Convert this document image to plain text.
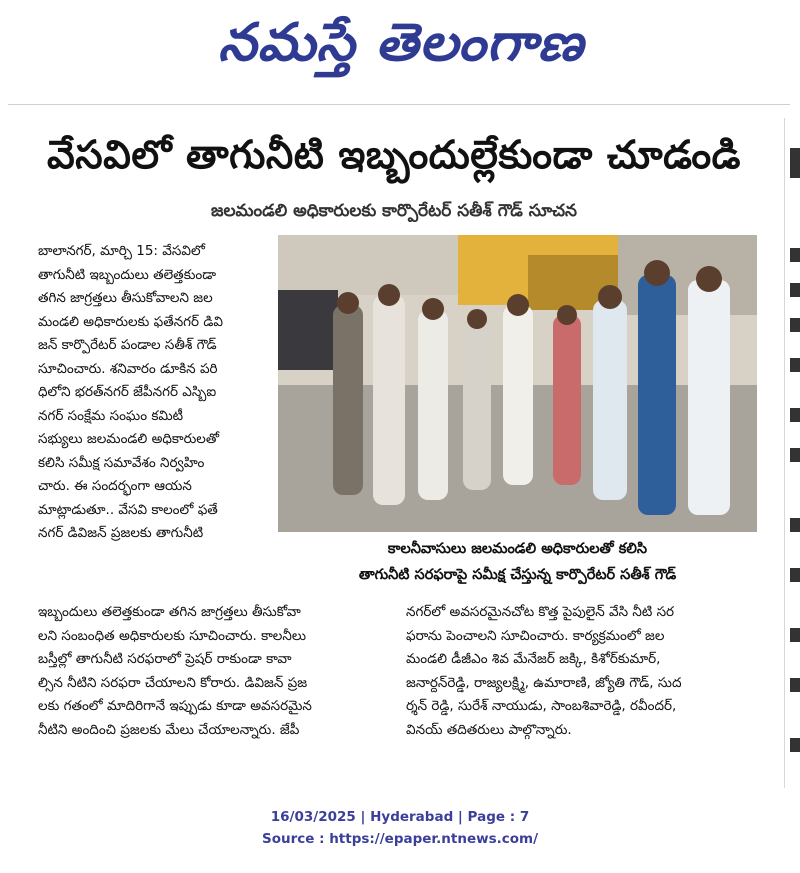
నమస్తే తెలంగాణ
వేసవిలో తాగునీటి ఇబ్బందుల్లేకుండా చూడండి
జలమండలి అధికారులకు కార్పొరేటర్ సతీశ్ గౌడ్ సూచన

బాలానగర్, మార్చి 15: వేసవిలో

తాగునీటి ఇబ్బందులు తలెత్తకుండా

తగిన జాగ్రత్తలు తీసుకోవాలని జల

మండలి అధికారులకు ఫతేనగర్ డివి

జన్ కార్పొరేటర్ పండాల సతీశ్ గౌడ్

సూచించారు. శనివారం డూకిన పరి

ధిలోని భరత్‌నగర్ జేపీనగర్ ఎస్బిఐ

నగర్ సంక్షేమ సంఘం కమిటీ

సభ్యులు జలమండలి అధికారులతో

కలిసి సమీక్ష సమావేశం నిర్వహిం

చారు. ఈ సందర్భంగా ఆయన

మాట్లాడుతూ.. వేసవి కాలంలో ఫతే

నగర్ డివిజన్ ప్రజలకు తాగునీటి

కాలనీవాసులు జలమండలి అధికారులతో కలిసి
తాగునీటి సరఫరాపై సమీక్ష చేస్తున్న కార్పొరేటర్ సతీశ్ గౌడ్

ఇబ్బందులు తలెత్తకుండా తగిన జాగ్రత్తలు తీసుకోవా

లని సంబంధిత అధికారులకు సూచించారు. కాలనీలు

బస్తీల్లో తాగునీటి సరఫరాలో ప్రెషర్ రాకుండా కావా

ల్సిన నీటిని సరఫరా చేయాలని కోరారు. డివిజన్ ప్రజ

లకు గతంలో మాదిరిగానే ఇప్పుడు కూడా అవసరమైన

నీటిని అందించి ప్రజలకు మేలు చేయాలన్నారు. జేపీ

నగర్‌లో అవసరమైనచోట కొత్త పైపులైన్ వేసి నీటి సర

ఫరాను పెంచాలని సూచించారు. కార్యక్రమంలో జల

మండలి డీజీఎం శివ మేనేజర్ జక్కి, కిశోర్‌కుమార్,

జనార్దన్‌రెడ్డి, రాజ్యలక్ష్మి, ఉమారాణి, జ్యోతి గౌడ్, సుద

ర్శన్ రెడ్డి, సురేశ్ నాయుడు, సాంబశివారెడ్డి, రవీందర్,

వినయ్ తదితరులు పాల్గొన్నారు.

16/03/2025 | Hyderabad | Page : 7
Source : https://epaper.ntnews.com/
